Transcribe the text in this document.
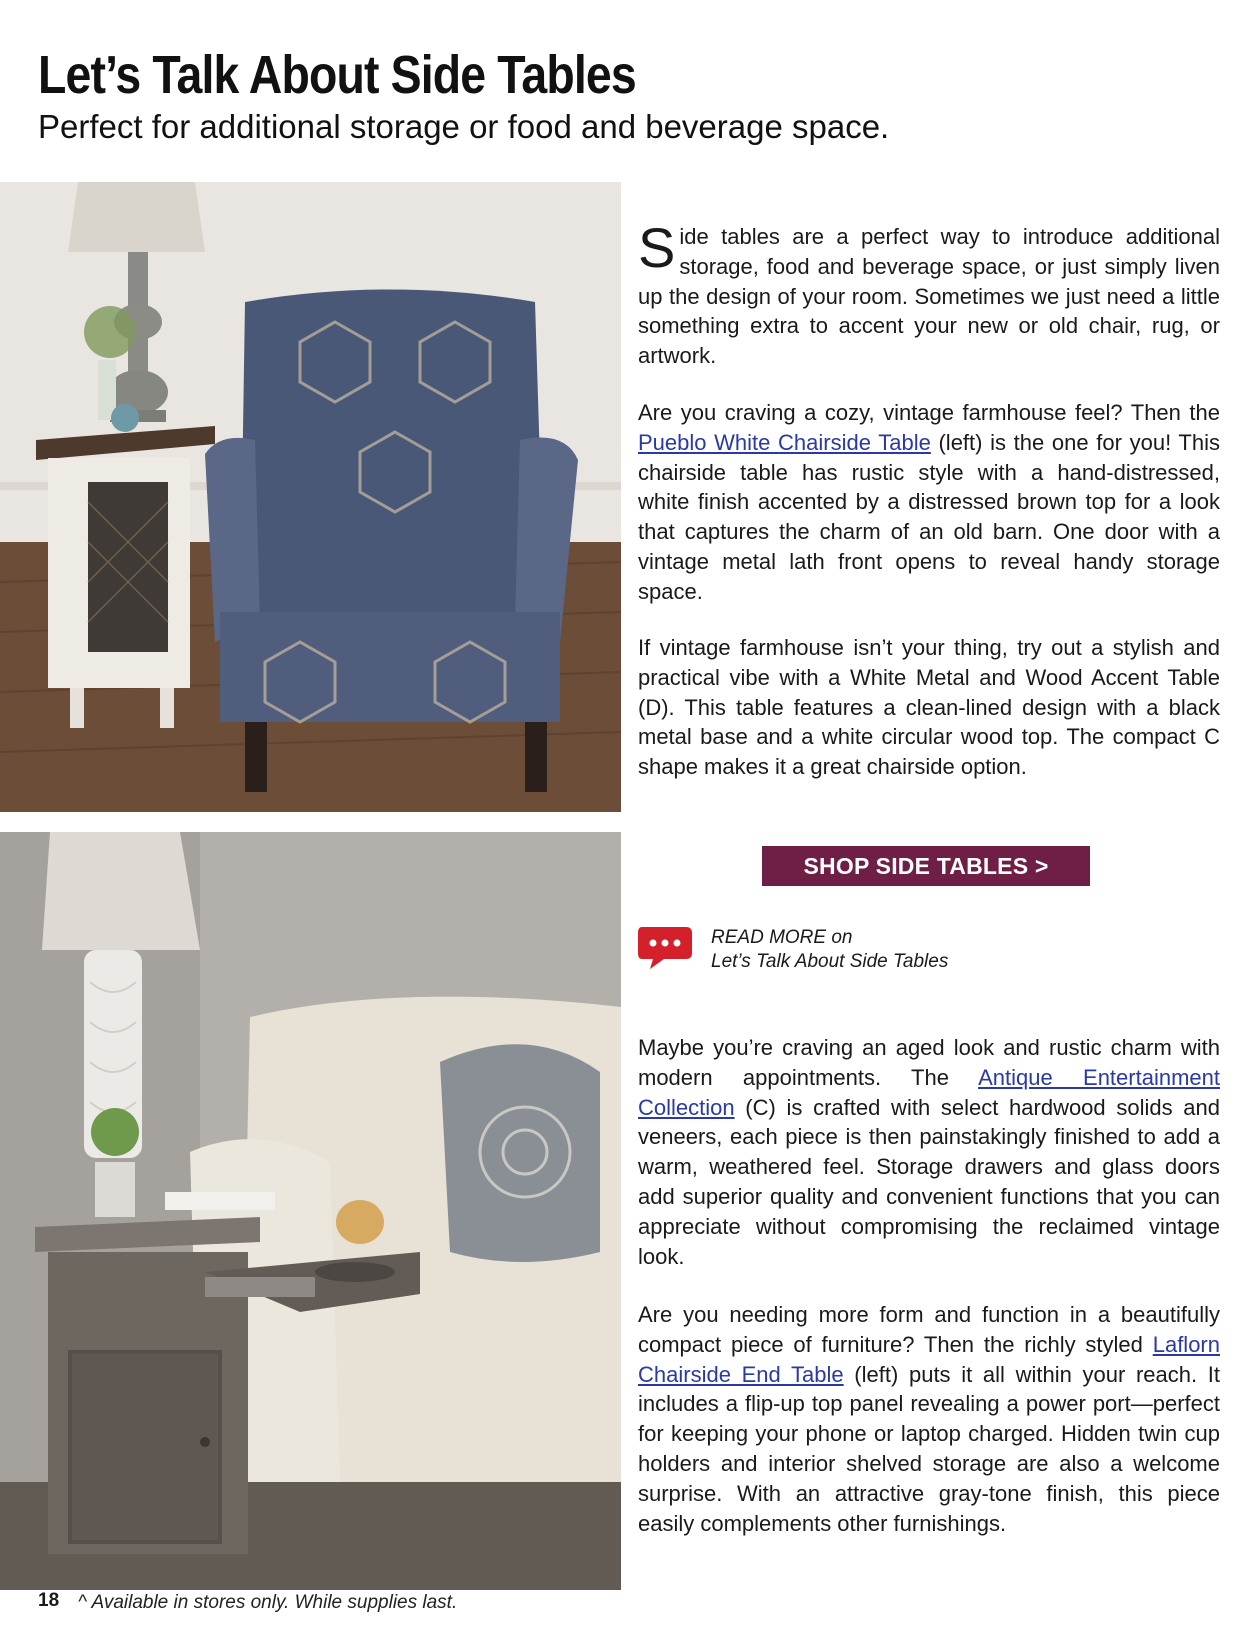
Let’s Talk About Side Tables
Perfect for additional storage or food and beverage space.

Side tables are a perfect way to introduce additional storage, food and beverage space, or just simply liven up the design of your room. Sometimes we just need a little something extra to accent your new or old chair, rug, or artwork.

Are you craving a cozy, vintage farmhouse feel? Then the Pueblo White Chairside Table (left) is the one for you! This chairside table has rustic style with a hand-distressed, white finish accented by a distressed brown top for a look that captures the charm of an old barn. One door with a vintage metal lath front opens to reveal handy storage space.

If vintage farmhouse isn’t your thing, try out a stylish and practical vibe with a White Metal and Wood Accent Table (D). This table features a clean-lined design with a black metal base and a white circular wood top. The compact C shape makes it a great chairside option.

SHOP SIDE TABLES >
READ MORE on
Let’s Talk About Side Tables

Maybe you’re craving an aged look and rustic charm with modern appointments. The Antique Entertainment Collection (C) is crafted with select hardwood solids and veneers, each piece is then painstakingly finished to add a warm, weathered feel. Storage drawers and glass doors add superior quality and convenient functions that you can appreciate without compromising the reclaimed vintage look.

Are you needing more form and function in a beautifully compact piece of furniture? Then the richly styled Laflorn Chairside End Table (left) puts it all within your reach. It includes a flip-up top panel revealing a power port—perfect for keeping your phone or laptop charged. Hidden twin cup holders and interior shelved storage are also a welcome surprise. With an attractive gray-tone finish, this piece easily complements other furnishings.

18 ^ Available in stores only. While supplies last.
